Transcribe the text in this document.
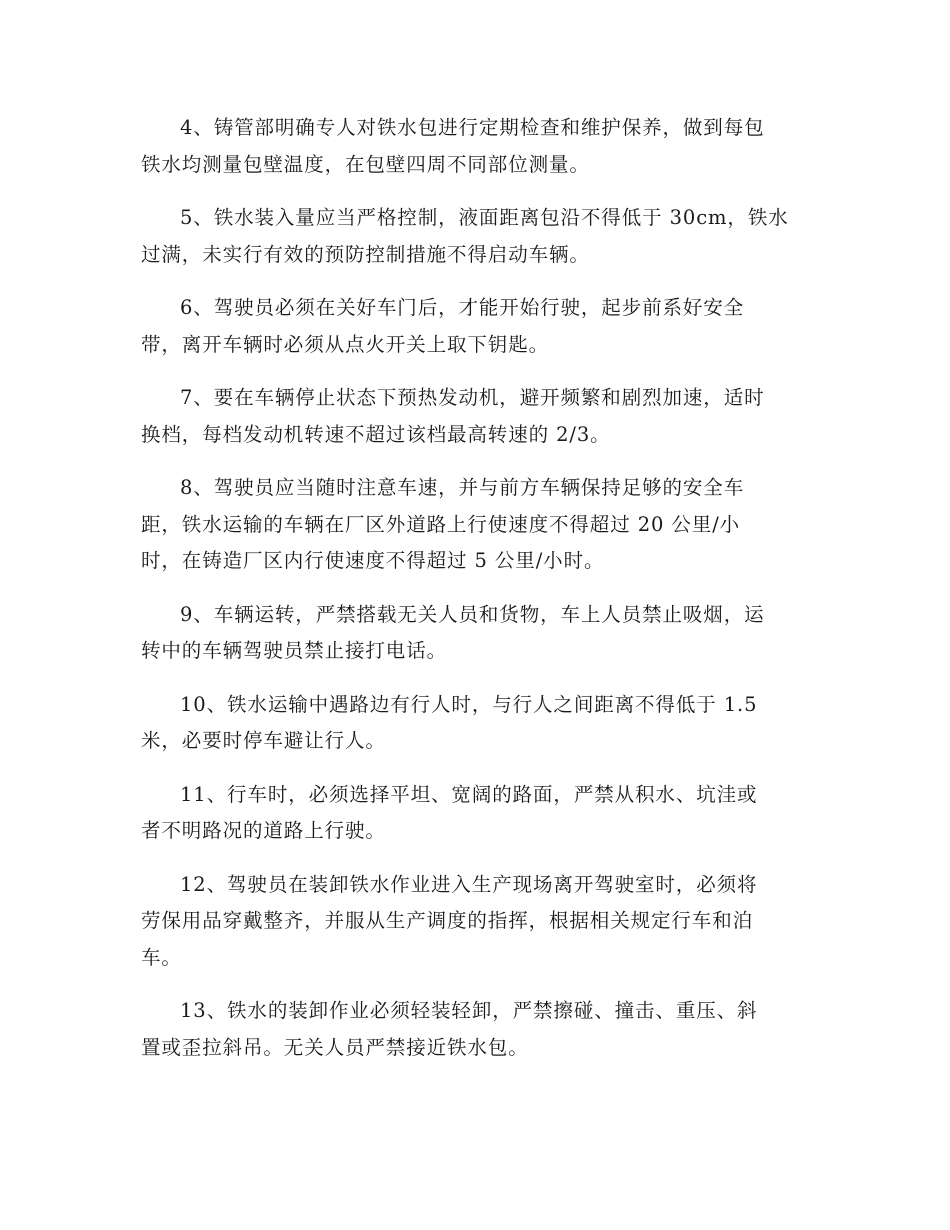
4、铸管部明确专人对铁水包进行定期检查和维护保养，做到每包
铁水均测量包壁温度，在包壁四周不同部位测量。

5、铁水装入量应当严格控制，液面距离包沿不得低于 30cm，铁水
过满，未实行有效的预防控制措施不得启动车辆。

6、驾驶员必须在关好车门后，才能开始行驶，起步前系好安全
带，离开车辆时必须从点火开关上取下钥匙。

7、要在车辆停止状态下预热发动机，避开频繁和剧烈加速，适时
换档，每档发动机转速不超过该档最高转速的 2/3。

8、驾驶员应当随时注意车速，并与前方车辆保持足够的安全车
距，铁水运输的车辆在厂区外道路上行使速度不得超过 20 公里/小
时，在铸造厂区内行使速度不得超过 5 公里/小时。

9、车辆运转，严禁搭载无关人员和货物，车上人员禁止吸烟，运
转中的车辆驾驶员禁止接打电话。

10、铁水运输中遇路边有行人时，与行人之间距离不得低于 1.5
米，必要时停车避让行人。

11、行车时，必须选择平坦、宽阔的路面，严禁从积水、坑洼或
者不明路况的道路上行驶。

12、驾驶员在装卸铁水作业进入生产现场离开驾驶室时，必须将
劳保用品穿戴整齐，并服从生产调度的指挥，根据相关规定行车和泊
车。

13、铁水的装卸作业必须轻装轻卸，严禁擦碰、撞击、重压、斜
置或歪拉斜吊。无关人员严禁接近铁水包。
